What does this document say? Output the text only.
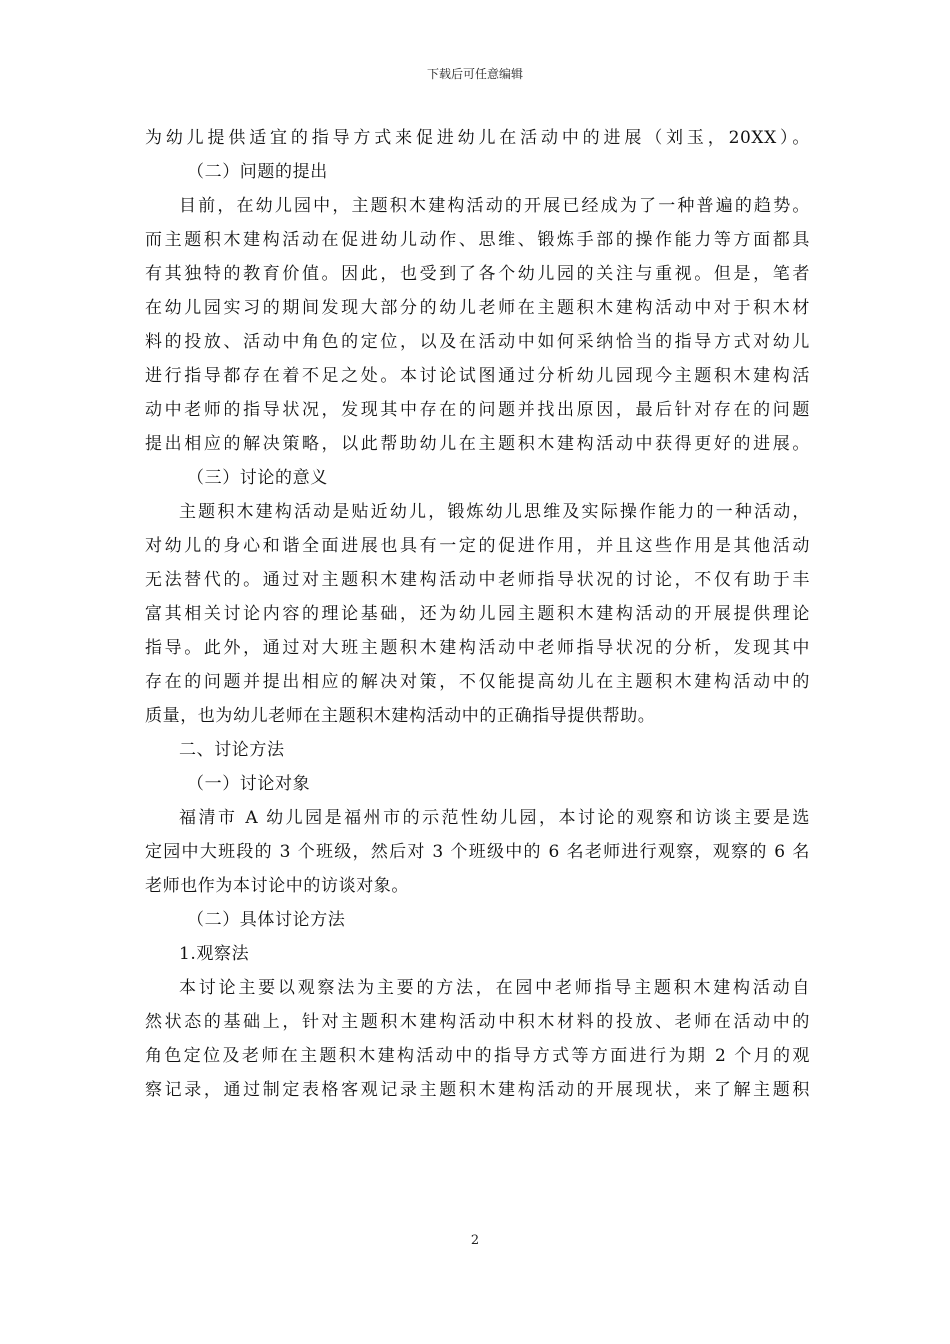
下载后可任意编辑
为幼儿提供适宜的指导方式来促进幼儿在活动中的进展（刘玉，20XX）。
（二）问题的提出
目前，在幼儿园中，主题积木建构活动的开展已经成为了一种普遍的趋势。
而主题积木建构活动在促进幼儿动作、思维、锻炼手部的操作能力等方面都具
有其独特的教育价值。因此，也受到了各个幼儿园的关注与重视。但是，笔者
在幼儿园实习的期间发现大部分的幼儿老师在主题积木建构活动中对于积木材
料的投放、活动中角色的定位，以及在活动中如何采纳恰当的指导方式对幼儿
进行指导都存在着不足之处。本讨论试图通过分析幼儿园现今主题积木建构活
动中老师的指导状况，发现其中存在的问题并找出原因，最后针对存在的问题
提出相应的解决策略，以此帮助幼儿在主题积木建构活动中获得更好的进展。
（三）讨论的意义
主题积木建构活动是贴近幼儿，锻炼幼儿思维及实际操作能力的一种活动，
对幼儿的身心和谐全面进展也具有一定的促进作用，并且这些作用是其他活动
无法替代的。通过对主题积木建构活动中老师指导状况的讨论，不仅有助于丰
富其相关讨论内容的理论基础，还为幼儿园主题积木建构活动的开展提供理论
指导。此外，通过对大班主题积木建构活动中老师指导状况的分析，发现其中
存在的问题并提出相应的解决对策，不仅能提高幼儿在主题积木建构活动中的
质量，也为幼儿老师在主题积木建构活动中的正确指导提供帮助。
二、讨论方法
（一）讨论对象
福清市 A 幼儿园是福州市的示范性幼儿园，本讨论的观察和访谈主要是选
定园中大班段的 3 个班级，然后对 3 个班级中的 6 名老师进行观察，观察的 6 名
老师也作为本讨论中的访谈对象。
（二）具体讨论方法
1.观察法
本讨论主要以观察法为主要的方法，在园中老师指导主题积木建构活动自
然状态的基础上，针对主题积木建构活动中积木材料的投放、老师在活动中的
角色定位及老师在主题积木建构活动中的指导方式等方面进行为期 2 个月的观
察记录，通过制定表格客观记录主题积木建构活动的开展现状，来了解主题积
2
